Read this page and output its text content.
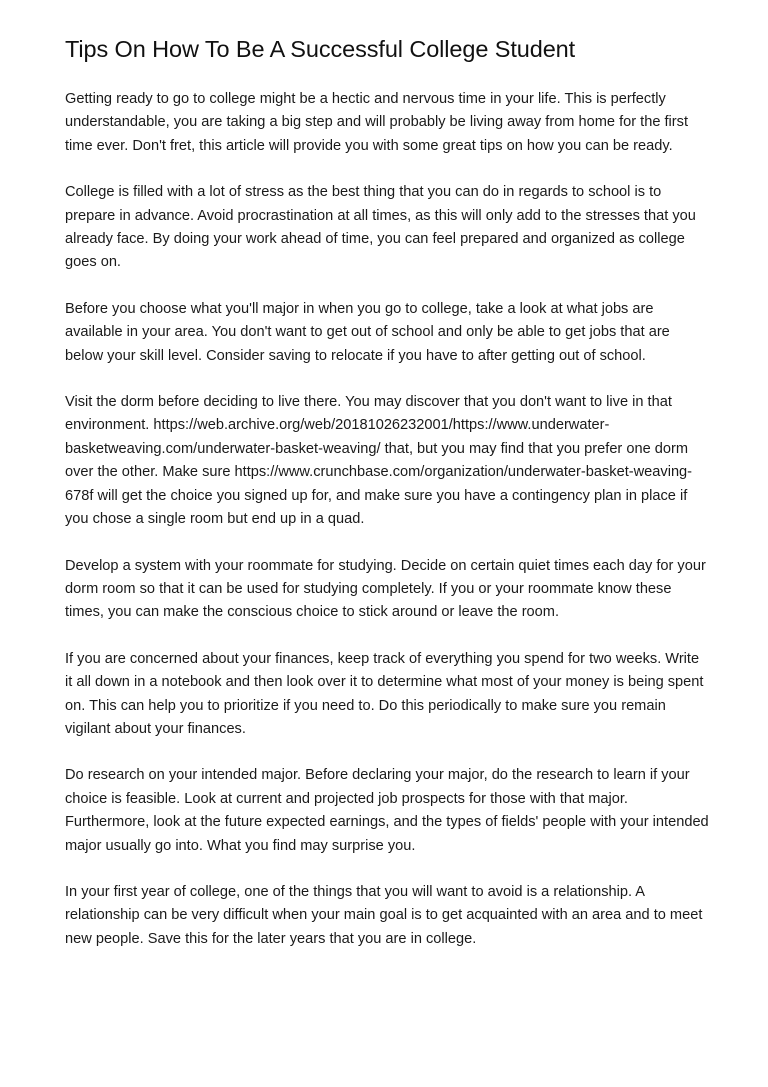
Tips On How To Be A Successful College Student

Getting ready to go to college might be a hectic and nervous time in your life. This is perfectly understandable, you are taking a big step and will probably be living away from home for the first time ever. Don't fret, this article will provide you with some great tips on how you can be ready.

College is filled with a lot of stress as the best thing that you can do in regards to school is to prepare in advance. Avoid procrastination at all times, as this will only add to the stresses that you already face. By doing your work ahead of time, you can feel prepared and organized as college goes on.

Before you choose what you'll major in when you go to college, take a look at what jobs are available in your area. You don't want to get out of school and only be able to get jobs that are below your skill level. Consider saving to relocate if you have to after getting out of school.

Visit the dorm before deciding to live there. You may discover that you don't want to live in that environment. https://web.archive.org/web/20181026232001/https://www.underwater-basketweaving.com/underwater-basket-weaving/ that, but you may find that you prefer one dorm over the other. Make sure https://www.crunchbase.com/organization/underwater-basket-weaving-678f will get the choice you signed up for, and make sure you have a contingency plan in place if you chose a single room but end up in a quad.

Develop a system with your roommate for studying. Decide on certain quiet times each day for your dorm room so that it can be used for studying completely. If you or your roommate know these times, you can make the conscious choice to stick around or leave the room.

If you are concerned about your finances, keep track of everything you spend for two weeks. Write it all down in a notebook and then look over it to determine what most of your money is being spent on. This can help you to prioritize if you need to. Do this periodically to make sure you remain vigilant about your finances.

Do research on your intended major. Before declaring your major, do the research to learn if your choice is feasible. Look at current and projected job prospects for those with that major. Furthermore, look at the future expected earnings, and the types of fields' people with your intended major usually go into. What you find may surprise you.

In your first year of college, one of the things that you will want to avoid is a relationship. A relationship can be very difficult when your main goal is to get acquainted with an area and to meet new people. Save this for the later years that you are in college.
